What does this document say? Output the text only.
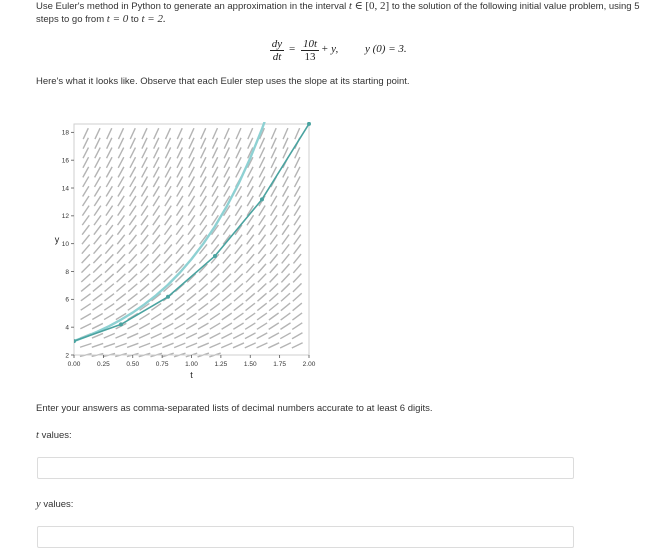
Use Euler's method in Python to generate an approximation in the interval t ∈ [0, 2] to the solution of the following initial value problem, using 5
steps to go from t = 0 to t = 2.
dy
dt
= 10t
13
+ y, y (0) = 3.
Here's what it looks like. Observe that each Euler step uses the slope at its starting point.
0.00	0.25	0.50	0.75	1.00	1.25	1.50	1.75	2.00
2
4
6
8
10
12
14
16
18
t
y
Enter your answers as comma-separated lists of decimal numbers accurate to at least 6 digits.
t values:
y values:
